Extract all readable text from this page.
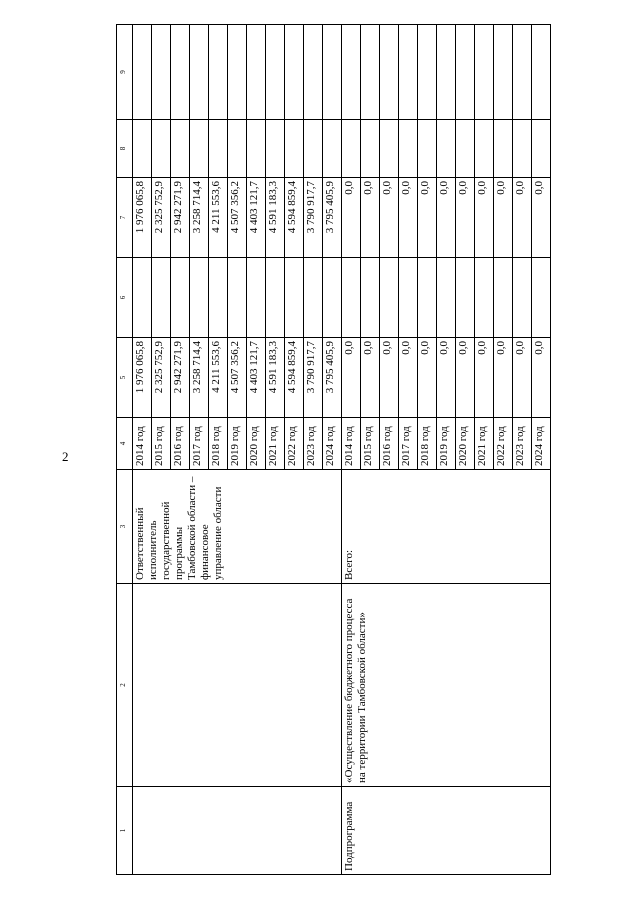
2
1	2	3	4	5	6	7	8	9
		Ответственный исполнитель государственной программы Тамбовской области – финансовое управление области	2014 год	1 976 065,8		1 976 065,8		
			2015 год	2 325 752,9		2 325 752,9		
			2016 год	2 942 271,9		2 942 271,9		
			2017 год	3 258 714,4		3 258 714,4		
			2018 год	4 211 553,6		4 211 553,6		
			2019 год	4 507 356,2		4 507 356,2		
			2020 год	4 403 121,7		4 403 121,7		
			2021 год	4 591 183,3		4 591 183,3		
			2022 год	4 594 859,4		4 594 859,4		
			2023 год	3 790 917,7		3 790 917,7		
			2024 год	3 795 405,9		3 795 405,9		
Подпрограмма	«Осуществление бюджетного процесса на территории Тамбовской области»	Всего:	2014 год	0,0		0,0		
			2015 год	0,0		0,0		
			2016 год	0,0		0,0		
			2017 год	0,0		0,0		
			2018 год	0,0		0,0		
			2019 год	0,0		0,0		
			2020 год	0,0		0,0		
			2021 год	0,0		0,0		
			2022 год	0,0		0,0		
			2023 год	0,0		0,0		
			2024 год	0,0		0,0		
